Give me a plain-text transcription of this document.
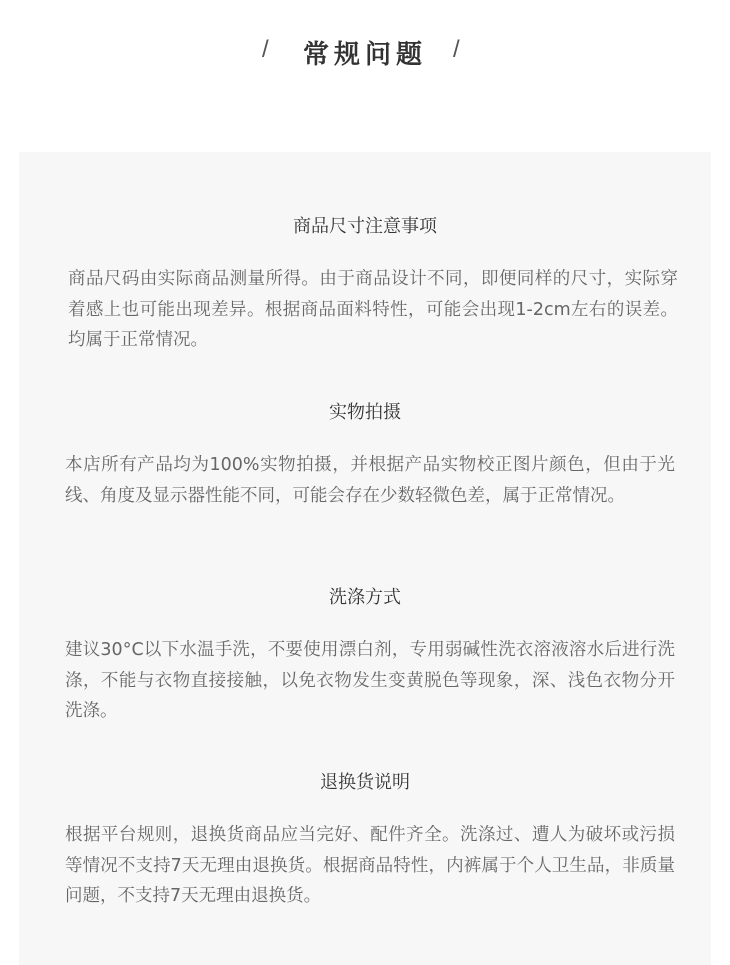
/	常规问题	/
商品尺寸注意事项
商品尺码由实际商品测量所得。由于商品设计不同，即便同样的尺寸，实际穿着感上也可能出现差异。根据商品面料特性，可能会出现1-2cm左右的误差。均属于正常情况。
实物拍摄
本店所有产品均为100%实物拍摄，并根据产品实物校正图片颜色，但由于光线、角度及显示器性能不同，可能会存在少数轻微色差，属于正常情况。
洗涤方式
建议30°C以下水温手洗，不要使用漂白剂，专用弱碱性洗衣溶液溶水后进行洗涤，不能与衣物直接接触，以免衣物发生变黄脱色等现象，深、浅色衣物分开洗涤。
退换货说明
根据平台规则，退换货商品应当完好、配件齐全。洗涤过、遭人为破坏或污损等情况不支持7天无理由退换货。根据商品特性，内裤属于个人卫生品，非质量问题，不支持7天无理由退换货。
